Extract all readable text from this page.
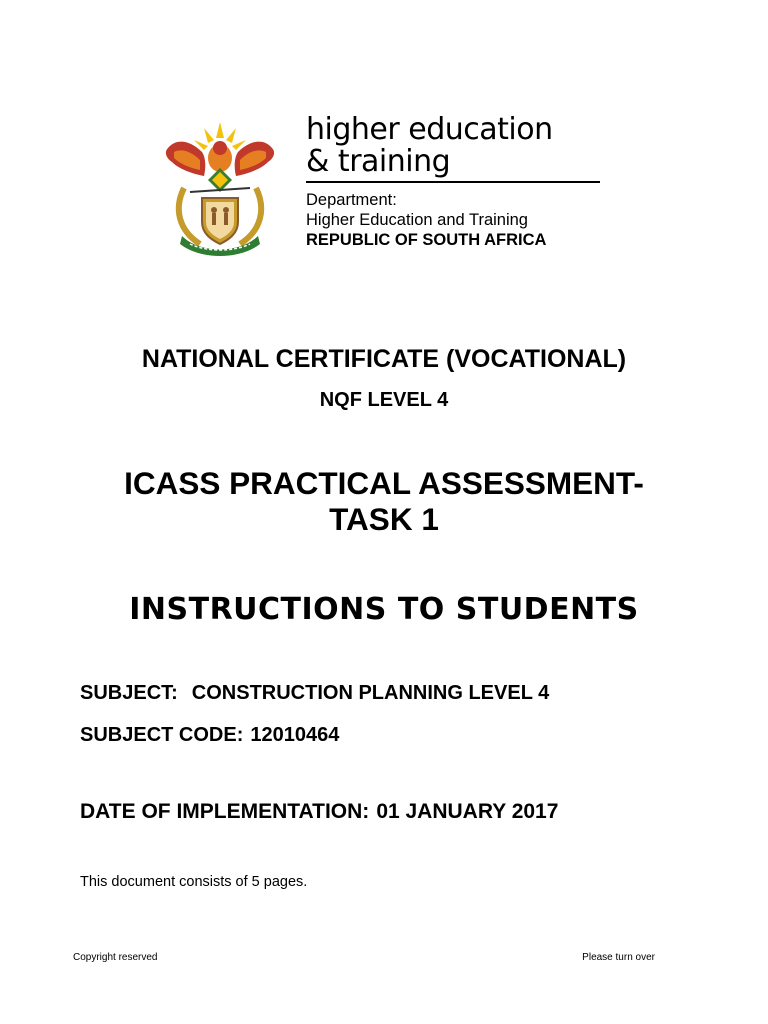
higher education
& training
Department:
Higher Education and Training
REPUBLIC OF SOUTH AFRICA
NATIONAL CERTIFICATE (VOCATIONAL)
NQF LEVEL 4
ICASS PRACTICAL ASSESSMENT-
TASK 1
INSTRUCTIONS TO STUDENTS
SUBJECT: CONSTRUCTION PLANNING LEVEL 4
SUBJECT CODE: 12010464
DATE OF IMPLEMENTATION: 01 JANUARY 2017
This document consists of 5 pages.
Copyright reserved	Please turn over
